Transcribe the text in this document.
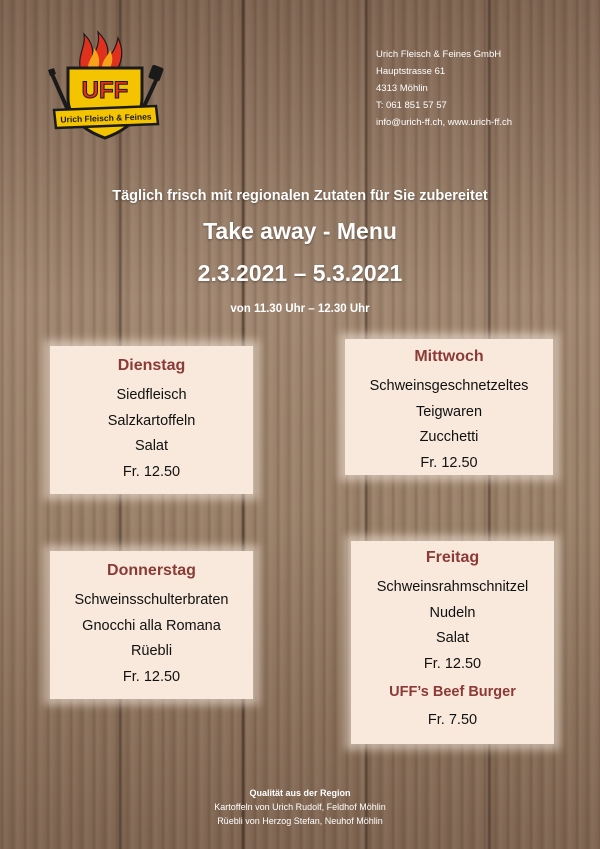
UFF
Urich Fleisch & Feines
Urich Fleisch & Feines GmbH
Hauptstrasse 61
4313 Möhlin
T: 061 851 57 57
info@urich-ff.ch, www.urich-ff.ch
Täglich frisch mit regionalen Zutaten für Sie zubereitet
Take away - Menu
2.3.2021 – 5.3.2021
von 11.30 Uhr – 12.30 Uhr
Dienstag
Siedfleisch
Salzkartoffeln
Salat
Fr. 12.50
Mittwoch
Schweinsgeschnetzeltes
Teigwaren
Zucchetti
Fr. 12.50
Donnerstag
Schweinsschulterbraten
Gnocchi alla Romana
Rüebli
Fr. 12.50
Freitag
Schweinsrahmschnitzel
Nudeln
Salat
Fr. 12.50
UFF’s Beef Burger
Fr. 7.50
Qualität aus der Region
Kartoffeln von Urich Rudolf, Feldhof Möhlin
Rüebli von Herzog Stefan, Neuhof Möhlin
